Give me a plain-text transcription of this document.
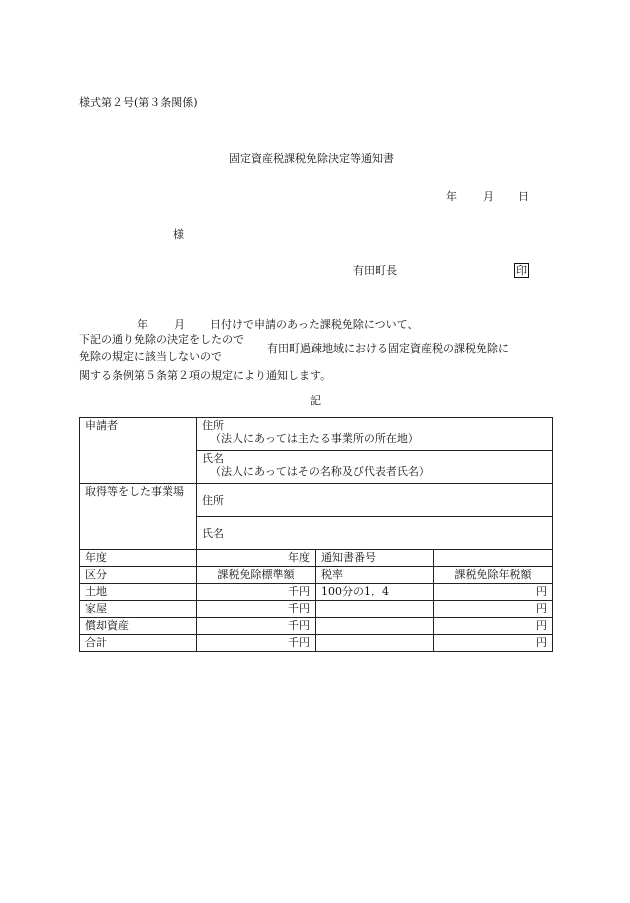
様式第２号(第３条関係)
固定資産税課税免除決定等通知書
年 月 日
様
有田町長	印
年 月 日付けで申請のあった課税免除について、
下記の通り免除の決定をしたので
有田町過疎地域における固定資産税の課税免除に
免除の規定に該当しないので
関する条例第５条第２項の規定により通知します。
記
申請者	住所
（法人にあっては主たる事業所の所在地）		

	氏名
（法人にあってはその名称及び代表者氏名）		

取得等をした事業場	住所		
	氏名		
年度	年度	通知書番号	
区分	課税免除標準額	税率	課税免除年税額
土地	千円	100分の1．4	円
家屋	千円		円
償却資産	千円		円
合計	千円		円
